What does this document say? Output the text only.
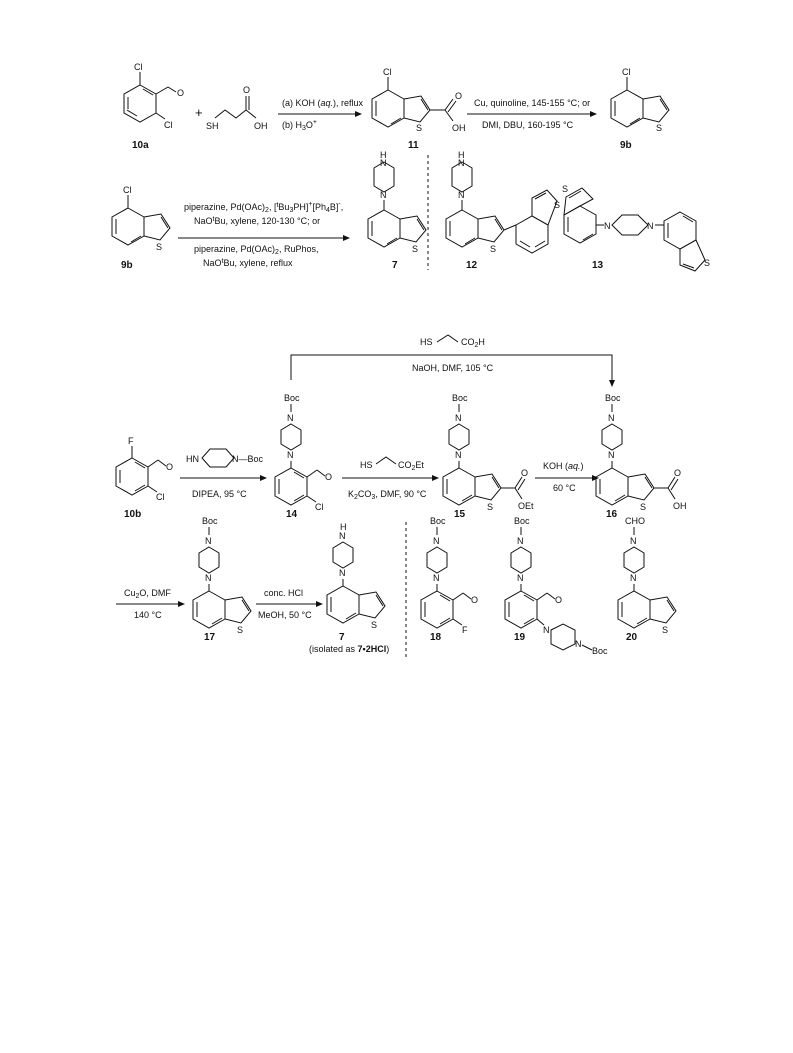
Cl
O
Cl
10a
+
SH
O
OH
(a) KOH (aq.), reflux
(b) $H_3O^+$
Cl
S
O
OH
11
Cu, quinoline, 145-155 °C; or
DMI, DBU, 160-195 °C
Cl
S
9b
Cl
S
9b
piperazine, $Pd(OAc)_2$, $[^tBu_3PH]^+[Ph_4B]^-$,
NaO$^t$Bu, xylene, 120-130 °C; or
piperazine, $Pd(OAc)_2$, RuPhos,
NaO$^t$Bu, xylene, reflux
H
N
N
S
7
H
N
N
S
S
12
S
N	N
S
13
HS	$CO_2H$
NaOH, DMF, 105 °C
F
O
Cl
10b
HN	N—Boc
DIPEA, 95 °C
Boc
N
N
O
Cl
14
HS	$CO_2Et$
$K_2CO_3$, DMF, 90 °C
Boc
N
N
S
O
OEt
15
KOH (aq.)
60 °C
Boc
N
N
S
O
OH
16
$Cu_2O$, DMF
140 °C
Boc
N
N
S
17
conc. HCl
MeOH, 50 °C
H
N
N
S
7
(isolated as 7•2HCl)
Boc
N
N
O
F
18
Boc
N
N
O
N
N
Boc
19
CHO
N
N
S
20
